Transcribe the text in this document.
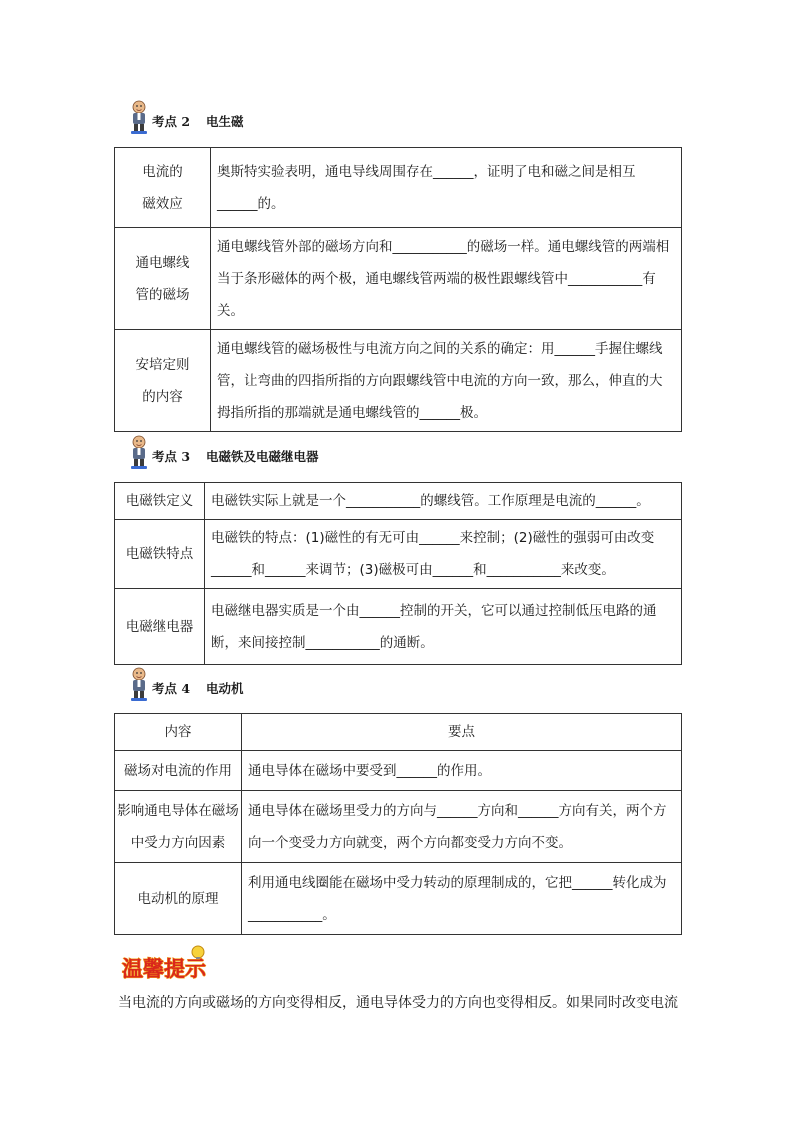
考点 2 电生磁
电流的磁效应	奥斯特实验表明，通电导线周围存在______，证明了电和磁之间是相互______的。
通电螺线管的磁场	通电螺线管外部的磁场方向和___________的磁场一样。通电螺线管的两端相当于条形磁体的两个极，通电螺线管两端的极性跟螺线管中___________有关。
安培定则的内容	通电螺线管的磁场极性与电流方向之间的关系的确定：用______手握住螺线管，让弯曲的四指所指的方向跟螺线管中电流的方向一致，那么，伸直的大拇指所指的那端就是通电螺线管的______极。
考点 3 电磁铁及电磁继电器
电磁铁定义	电磁铁实际上就是一个___________的螺线管。工作原理是电流的______。
电磁铁特点	电磁铁的特点：(1)磁性的有无可由______来控制；(2)磁性的强弱可由改变______和______来调节；(3)磁极可由______和___________来改变。
电磁继电器	电磁继电器实质是一个由______控制的开关，它可以通过控制低压电路的通断，来间接控制___________的通断。
考点 4 电动机
内容	要点
磁场对电流的作用	通电导体在磁场中要受到______的作用。
影响通电导体在磁场中受力方向因素	通电导体在磁场里受力的方向与______方向和______方向有关，两个方向一个变受力方向就变，两个方向都变受力方向不变。
电动机的原理	利用通电线圈能在磁场中受力转动的原理制成的，它把______转化成为___________。
温馨提示
当电流的方向或磁场的方向变得相反，通电导体受力的方向也变得相反。如果同时改变电流
